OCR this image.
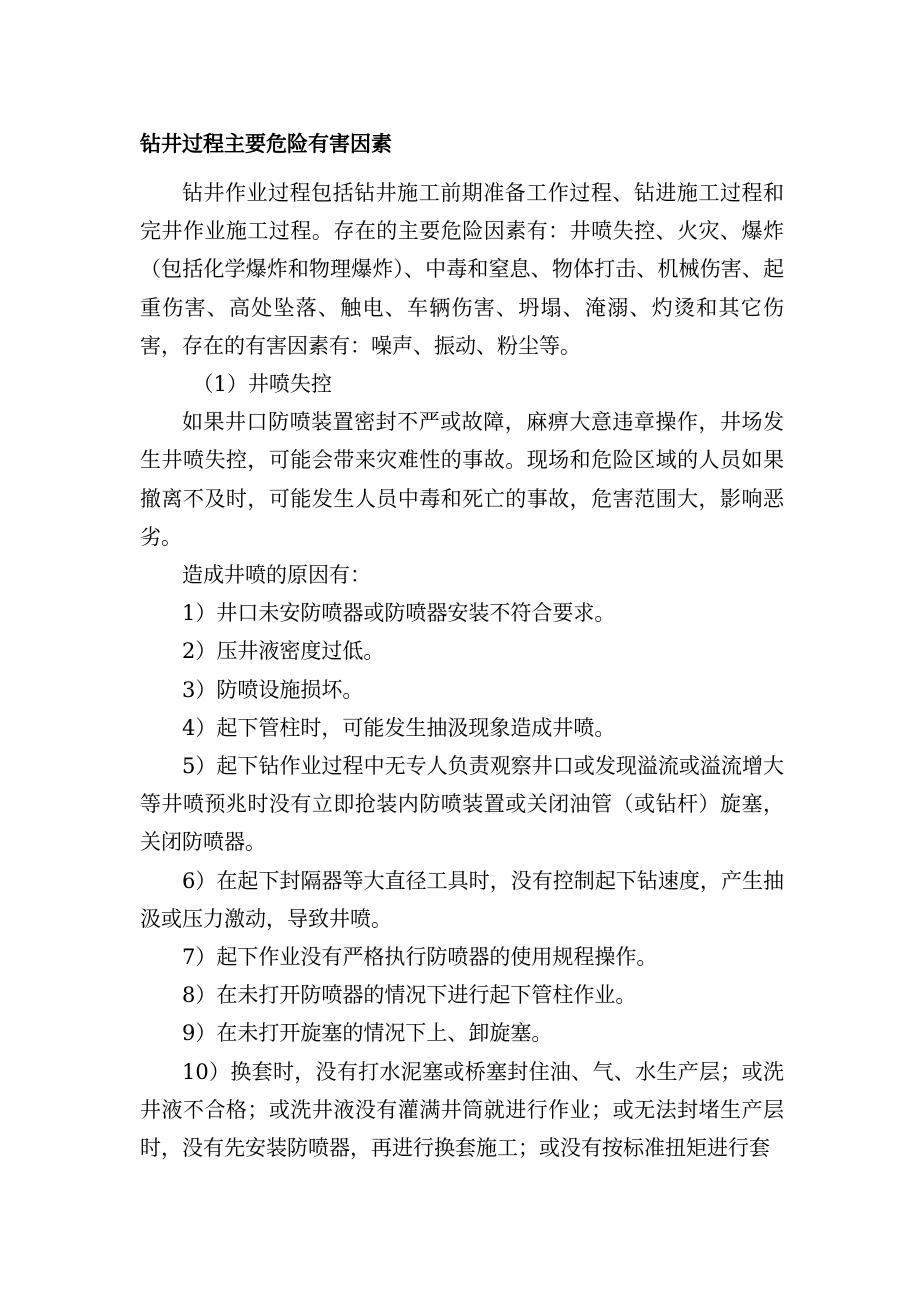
钻井过程主要危险有害因素

钻井作业过程包括钻井施工前期准备工作过程、钻进施工过程和完井作业施工过程。存在的主要危险因素有：井喷失控、火灾、爆炸（包括化学爆炸和物理爆炸）、中毒和窒息、物体打击、机械伤害、起重伤害、高处坠落、触电、车辆伤害、坍塌、淹溺、灼烫和其它伤害，存在的有害因素有：噪声、振动、粉尘等。

（1）井喷失控

如果井口防喷装置密封不严或故障，麻痹大意违章操作，井场发生井喷失控，可能会带来灾难性的事故。现场和危险区域的人员如果撤离不及时，可能发生人员中毒和死亡的事故，危害范围大，影响恶劣。

造成井喷的原因有：

1）井口未安防喷器或防喷器安装不符合要求。

2）压井液密度过低。

3）防喷设施损坏。

4）起下管柱时，可能发生抽汲现象造成井喷。

5）起下钻作业过程中无专人负责观察井口或发现溢流或溢流增大等井喷预兆时没有立即抢装内防喷装置或关闭油管（或钻杆）旋塞，关闭防喷器。

6）在起下封隔器等大直径工具时，没有控制起下钻速度，产生抽汲或压力激动，导致井喷。

7）起下作业没有严格执行防喷器的使用规程操作。

8）在未打开防喷器的情况下进行起下管柱作业。

9）在未打开旋塞的情况下上、卸旋塞。

10）换套时，没有打水泥塞或桥塞封住油、气、水生产层；或洗井液不合格；或洗井液没有灌满井筒就进行作业；或无法封堵生产层时，没有先安装防喷器，再进行换套施工；或没有按标准扭矩进行套
